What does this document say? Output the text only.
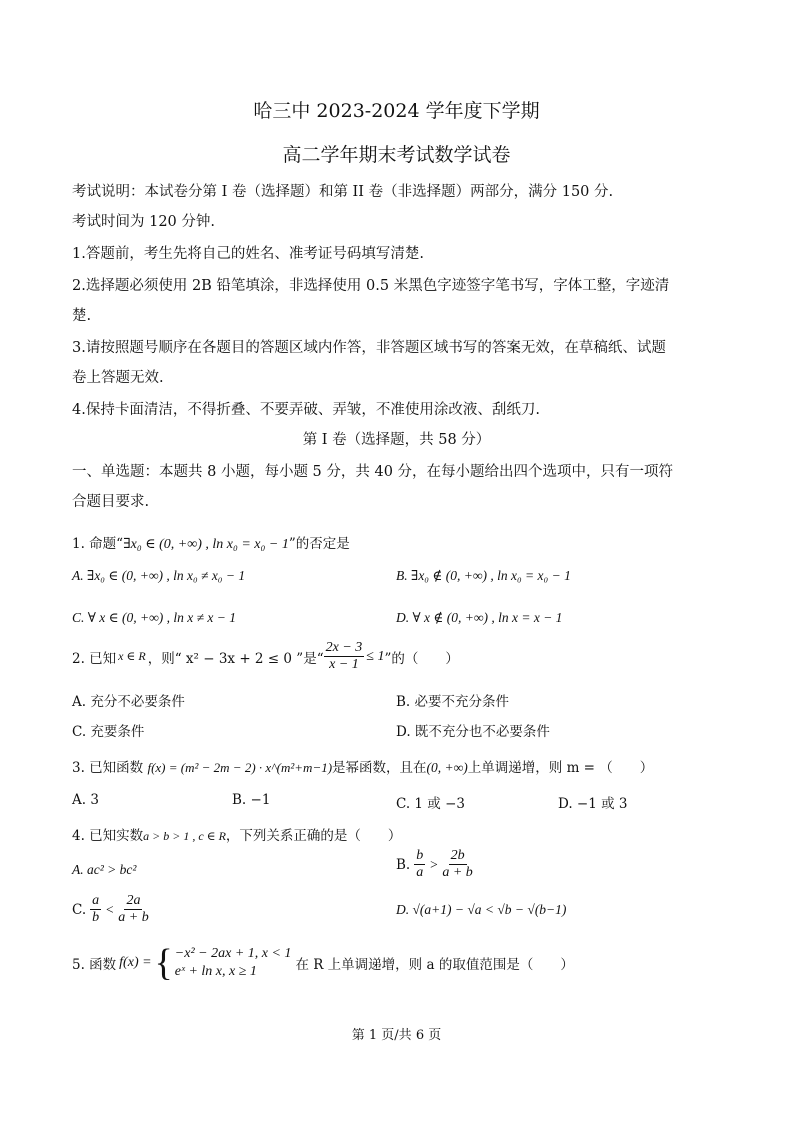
哈三中 2023-2024 学年度下学期
高二学年期末考试数学试卷
考试说明：本试卷分第 I 卷（选择题）和第 II 卷（非选择题）两部分，满分 150 分.
考试时间为 120 分钟.
1.答题前，考生先将自己的姓名、准考证号码填写清楚.
2.选择题必须使用 2B 铅笔填涂，非选择使用 0.5 米黑色字迹签字笔书写，字体工整，字迹清
楚.
3.请按照题号顺序在各题目的答题区域内作答，非答题区域书写的答案无效，在草稿纸、试题
卷上答题无效.
4.保持卡面清洁，不得折叠、不要弄破、弄皱，不准使用涂改液、刮纸刀.
第 I 卷（选择题，共 58 分）
一、单选题：本题共 8 小题，每小题 5 分，共 40 分，在每小题给出四个选项中，只有一项符
合题目要求.
1. 命题“∃x₀ ∈ (0, +∞) , ln x₀ = x₀ − 1”的否定是
A. ∃x₀ ∈ (0, +∞) , ln x₀ ≠ x₀ − 1	B. ∃x₀ ∉ (0, +∞) , ln x₀ = x₀ − 1
C. ∀ x ∈ (0, +∞) , ln x ≠ x − 1	D. ∀ x ∉ (0, +∞) , ln x = x − 1
2. 已知 x ∈ R ，则“ x² − 3x + 2 ≤ 0 ”是“ $\frac{2x - 3}{x - 1} \le 1$ ”的（　　）
A. 充分不必要条件	B. 必要不充分条件
C. 充要条件	D. 既不充分也不必要条件
3. 已知函数 f(x) = (m² − 2m − 2) · x^(m²+m−1)是幂函数，且在(0, +∞)上单调递增，则 m = （　　）
A. 3	B. −1	C. 1 或 −3	D. −1 或 3
4. 已知实数a > b > 1 , c ∈ R，下列关系正确的是（　　）
A. ac² > bc²	B. $\frac{b}{a} > \frac{2b}{a + b}$
C. $\frac{a}{b} < \frac{2a}{a + b}$	D. √(a+1) − √a < √b − √(b−1)
5. 函数 f(x) = { −x² − 2ax + 1, x < 1
eˣ + ln x, x ≥ 1	在 R 上单调递增，则 a 的取值范围是（　　）
第 1 页/共 6 页
